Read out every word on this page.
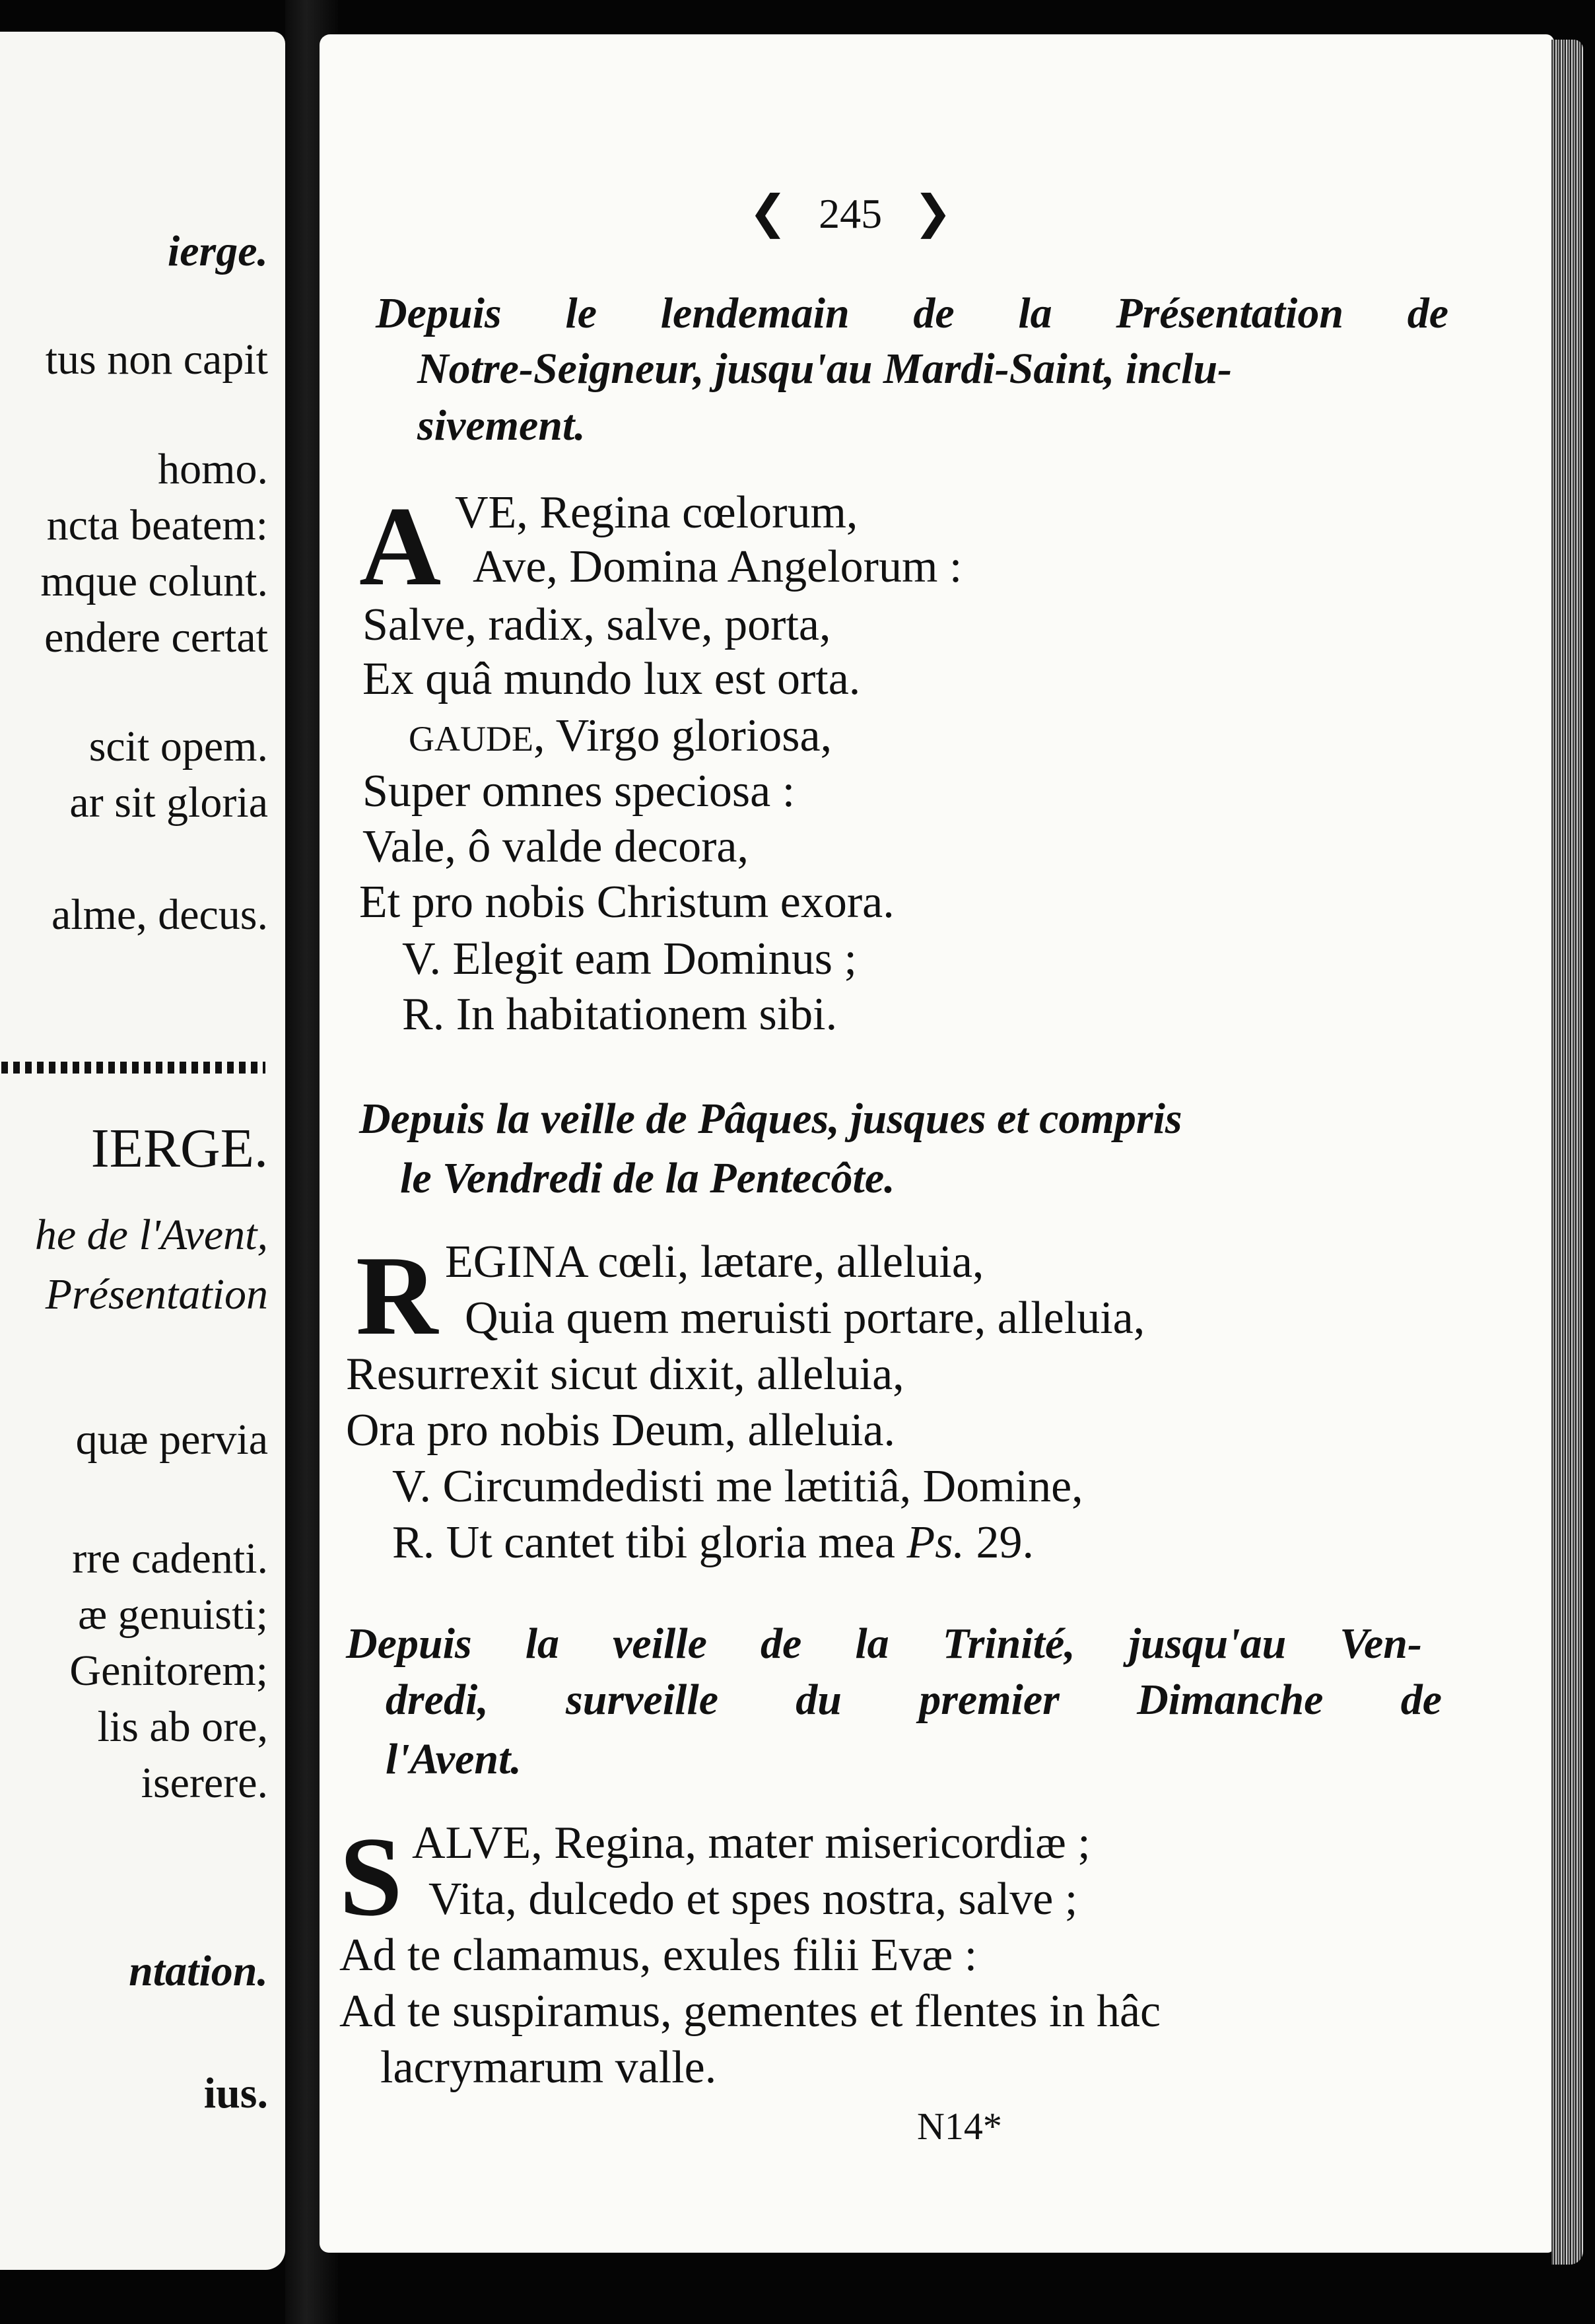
ierge.
tus non capit
homo.
ncta beatem:
mque colunt.
endere certat
scit opem.
ar sit gloria
alme, decus.
IERGE.
he de l'Avent,
Présentation
quæ pervia
rre cadenti.
æ genuisti;
Genitorem;
lis ab ore,
iserere.
ntation.
ius.
❮ 245 ❯
Depuis le lendemain de la Présentation de
Notre-Seigneur, jusqu'au Mardi-Saint, inclu-
sivement.
A VE, Regina cœlorum,
Ave, Domina Angelorum :
Salve, radix, salve, porta,
Ex quâ mundo lux est orta.
GAUDE, Virgo gloriosa,
Super omnes speciosa :
Vale, ô valde decora,
Et pro nobis Christum exora.
V. Elegit eam Dominus ;
R. In habitationem sibi.
Depuis la veille de Pâques, jusques et compris
le Vendredi de la Pentecôte.
R EGINA cœli, lætare, alleluia,
Quia quem meruisti portare, alleluia,
Resurrexit sicut dixit, alleluia,
Ora pro nobis Deum, alleluia.
V. Circumdedisti me lætitiâ, Domine,
R. Ut cantet tibi gloria mea Ps. 29.
Depuis la veille de la Trinité, jusqu'au Ven-
dredi, surveille du premier Dimanche de
l'Avent.
S ALVE, Regina, mater misericordiæ ;
Vita, dulcedo et spes nostra, salve ;
Ad te clamamus, exules filii Evæ :
Ad te suspiramus, gementes et flentes in hâc
lacrymarum valle.
N14*
